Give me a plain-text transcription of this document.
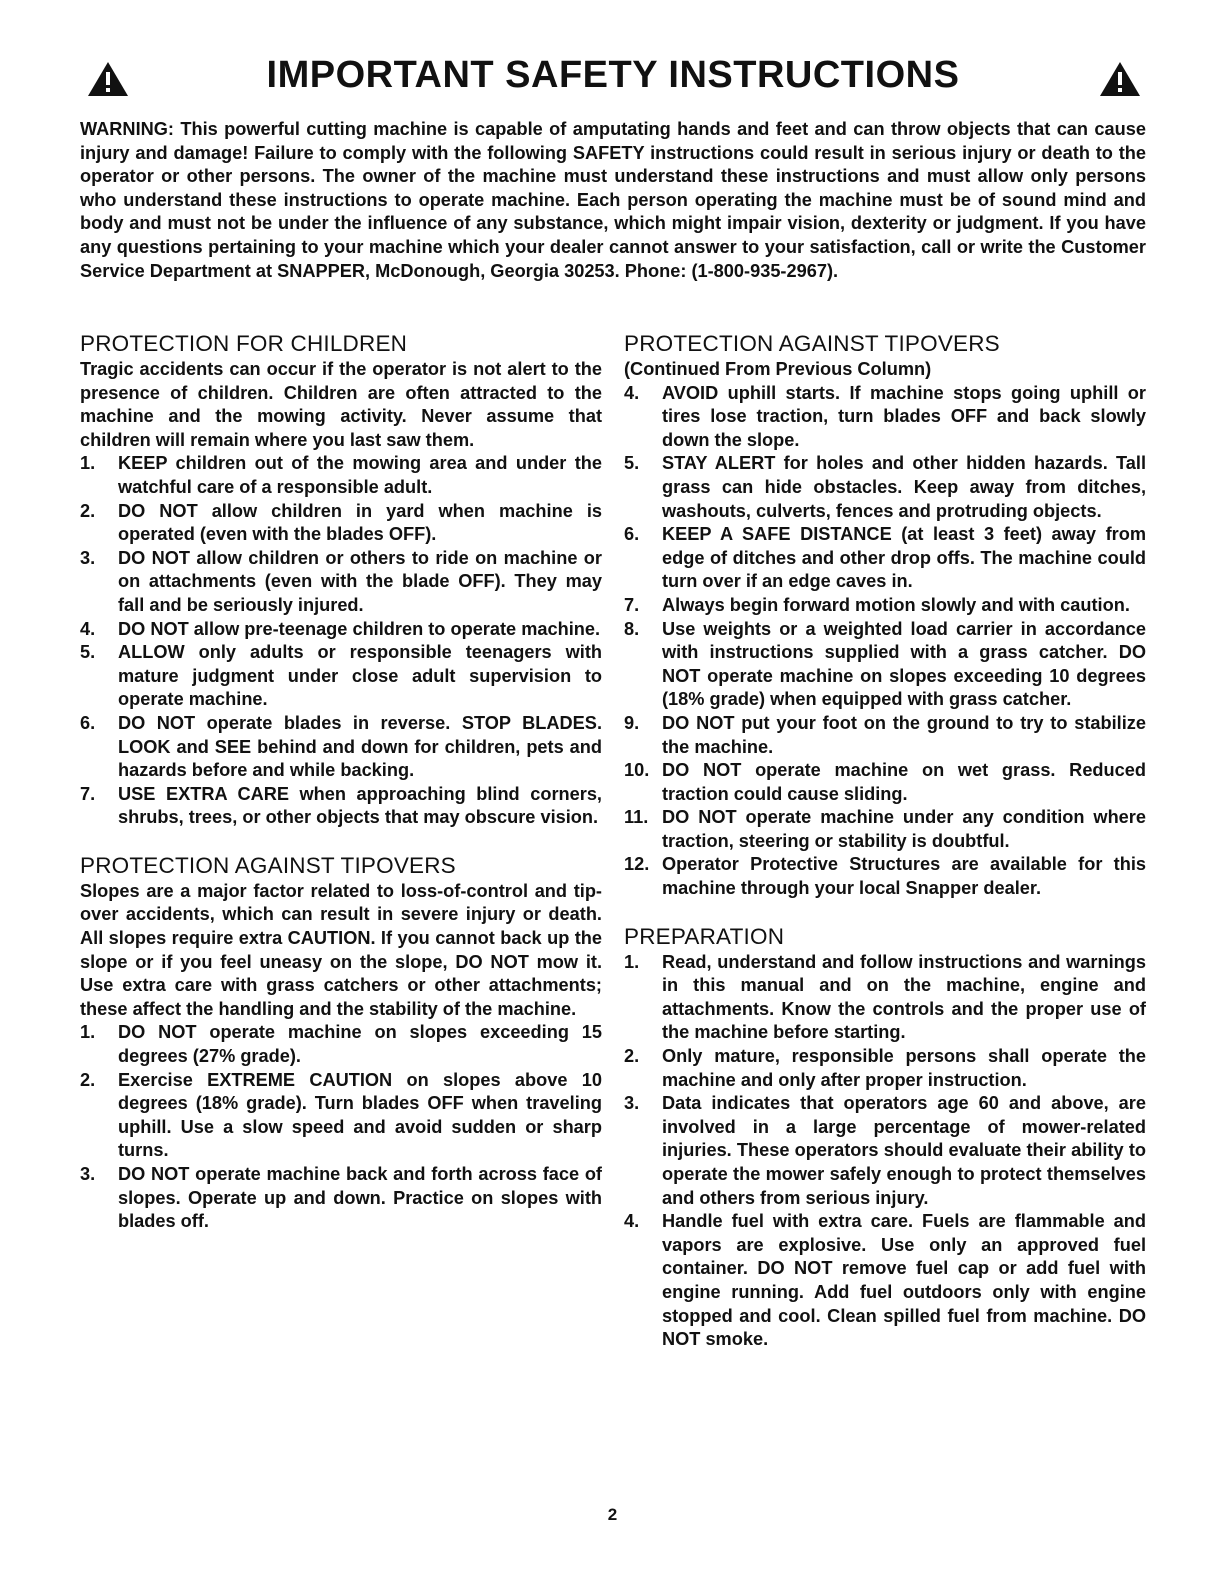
IMPORTANT SAFETY INSTRUCTIONS

WARNING: This powerful cutting machine is capable of amputating hands and feet and can throw objects that can cause injury and damage! Failure to comply with the following SAFETY instructions could result in serious injury or death to the operator or other persons. The owner of the machine must understand these instructions and must allow only persons who understand these instructions to operate machine. Each person operating the machine must be of sound mind and body and must not be under the influence of any substance, which might impair vision, dexterity or judgment. If you have any questions pertaining to your machine which your dealer cannot answer to your satisfaction, call or write the Customer Service Department at SNAPPER, McDonough, Georgia 30253. Phone: (1-800-935-2967).

PROTECTION FOR CHILDREN

Tragic accidents can occur if the operator is not alert to the presence of children. Children are often attracted to the machine and the mowing activity. Never assume that children will remain where you last saw them.

1.	KEEP children out of the mowing area and under the watchful care of a responsible adult.
2.	DO NOT allow children in yard when machine is operated (even with the blades OFF).
3.	DO NOT allow children or others to ride on machine or on attachments (even with the blade OFF). They may fall and be seriously injured.
4.	DO NOT allow pre-teenage children to operate machine.
5.	ALLOW only adults or responsible teenagers with mature judgment under close adult supervision to operate machine.
6.	DO NOT operate blades in reverse. STOP BLADES. LOOK and SEE behind and down for children, pets and hazards before and while backing.
7.	USE EXTRA CARE when approaching blind corners, shrubs, trees, or other objects that may obscure vision.
PROTECTION AGAINST TIPOVERS

Slopes are a major factor related to loss-of-control and tip-over accidents, which can result in severe injury or death. All slopes require extra CAUTION. If you cannot back up the slope or if you feel uneasy on the slope, DO NOT mow it. Use extra care with grass catchers or other attachments; these affect the handling and the stability of the machine.

1.	DO NOT operate machine on slopes exceeding 15 degrees (27% grade).
2.	Exercise EXTREME CAUTION on slopes above 10 degrees (18% grade). Turn blades OFF when traveling uphill. Use a slow speed and avoid sudden or sharp turns.
3.	DO NOT operate machine back and forth across face of slopes. Operate up and down. Practice on slopes with blades off.
PROTECTION AGAINST TIPOVERS

(Continued From Previous Column)

4.	AVOID uphill starts. If machine stops going uphill or tires lose traction, turn blades OFF and back slowly down the slope.
5.	STAY ALERT for holes and other hidden hazards. Tall grass can hide obstacles. Keep away from ditches, washouts, culverts, fences and protruding objects.
6.	KEEP A SAFE DISTANCE (at least 3 feet) away from edge of ditches and other drop offs. The machine could turn over if an edge caves in.
7.	Always begin forward motion slowly and with caution.
8.	Use weights or a weighted load carrier in accordance with instructions supplied with a grass catcher. DO NOT operate machine on slopes exceeding 10 degrees (18% grade) when equipped with grass catcher.
9.	DO NOT put your foot on the ground to try to stabilize the machine.
10. DO NOT operate machine on wet grass. Reduced traction could cause sliding.
11. DO NOT operate machine under any condition where traction, steering or stability is doubtful.
12. Operator Protective Structures are available for this machine through your local Snapper dealer.
PREPARATION
1.	Read, understand and follow instructions and warnings in this manual and on the machine, engine and attachments. Know the controls and the proper use of the machine before starting.
2.	Only mature, responsible persons shall operate the machine and only after proper instruction.
3.	Data indicates that operators age 60 and above, are involved in a large percentage of mower-related injuries. These operators should evaluate their ability to operate the mower safely enough to protect themselves and others from serious injury.
4.	Handle fuel with extra care. Fuels are flammable and vapors are explosive. Use only an approved fuel container. DO NOT remove fuel cap or add fuel with engine running. Add fuel outdoors only with engine stopped and cool. Clean spilled fuel from machine. DO NOT smoke.
2
